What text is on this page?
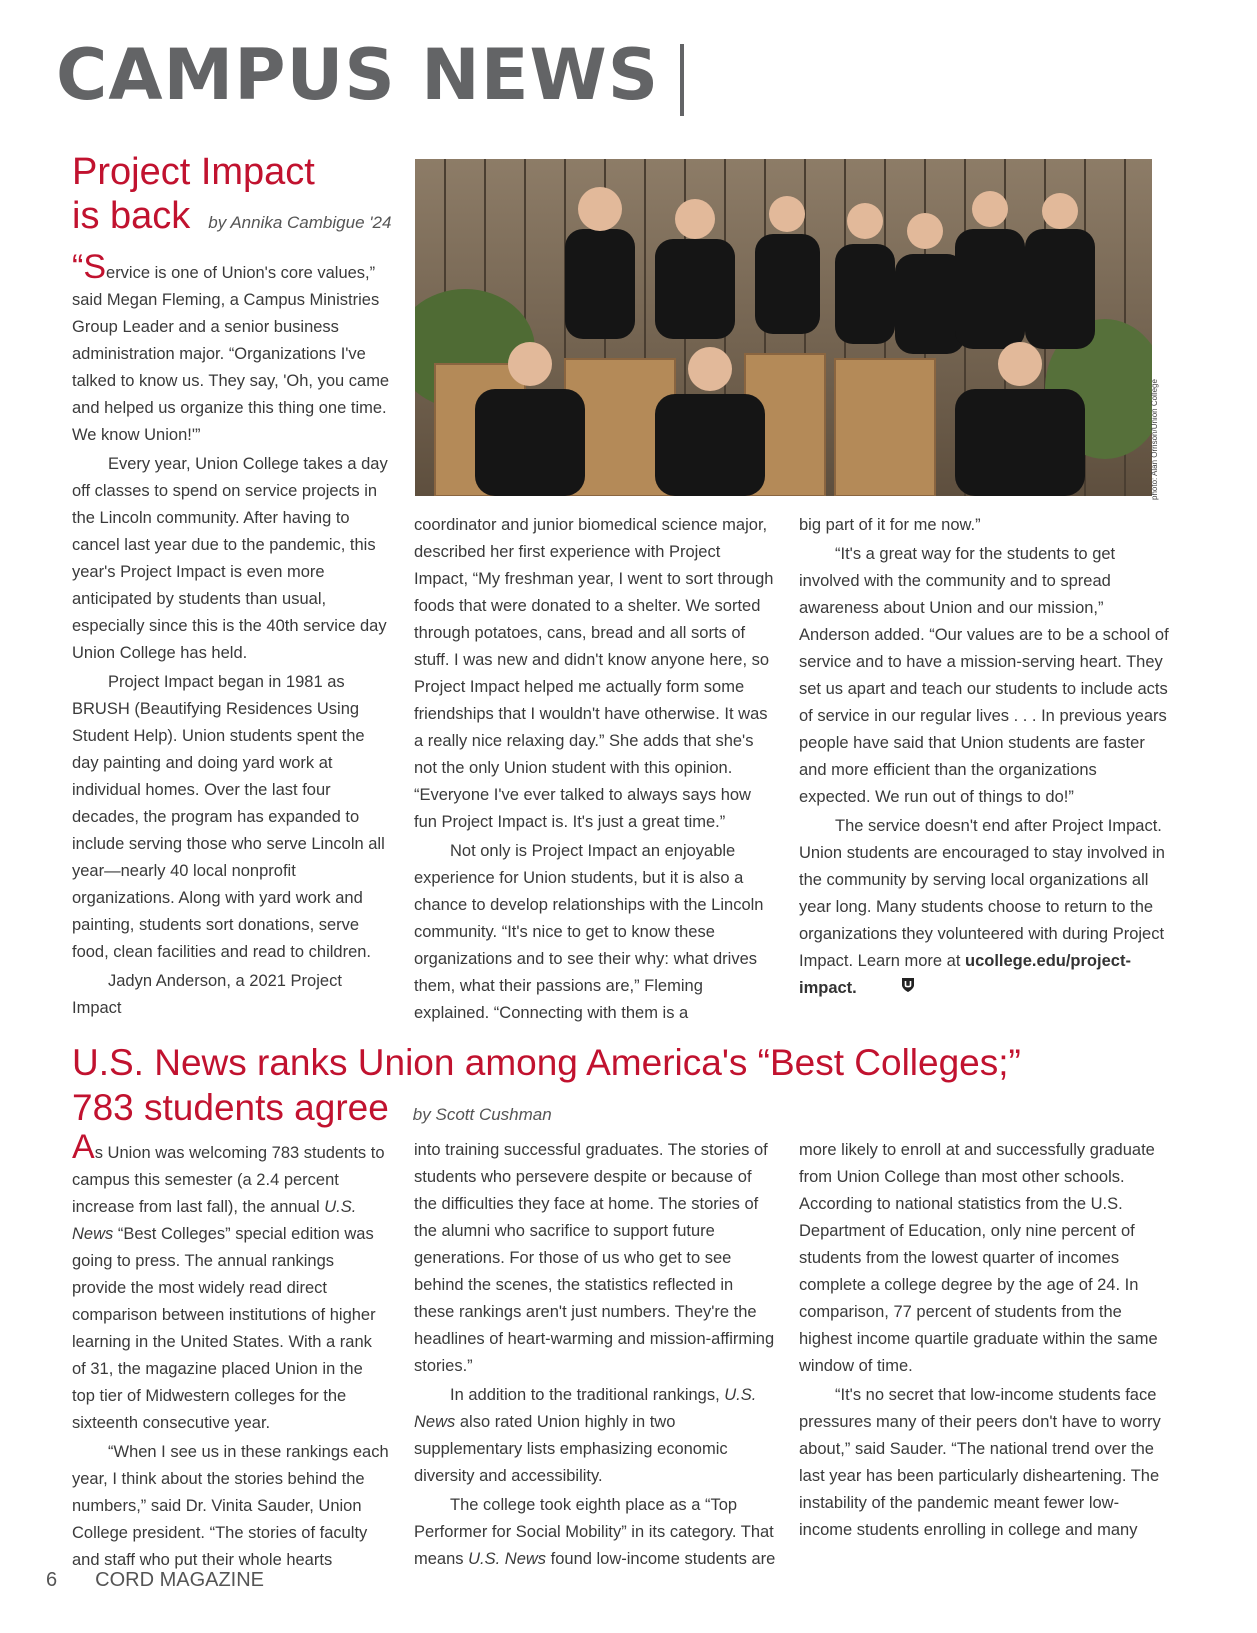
CAMPUS NEWS
Project Impact
is back by Annika Cambigue '24
photo: Alan Orrison/Union College

“Service is one of Union's core values,” said Megan Fleming, a Campus Ministries Group Leader and a senior business administration major. “Organizations I've talked to know us. They say, 'Oh, you came and helped us organize this thing one time. We know Union!'”

Every year, Union College takes a day off classes to spend on service projects in the Lincoln community. After having to cancel last year due to the pandemic, this year's Project Impact is even more anticipated by students than usual, especially since this is the 40th service day Union College has held.

Project Impact began in 1981 as BRUSH (Beautifying Residences Using Student Help). Union students spent the day painting and doing yard work at individual homes. Over the last four decades, the program has expanded to include serving those who serve Lincoln all year—nearly 40 local nonprofit organizations. Along with yard work and painting, students sort donations, serve food, clean facilities and read to children.

Jadyn Anderson, a 2021 Project Impact

coordinator and junior biomedical science major, described her first experience with Project Impact, “My freshman year, I went to sort through foods that were donated to a shelter. We sorted through potatoes, cans, bread and all sorts of stuff. I was new and didn't know anyone here, so Project Impact helped me actually form some friendships that I wouldn't have otherwise. It was a really nice relaxing day.” She adds that she's not the only Union student with this opinion. “Everyone I've ever talked to always says how fun Project Impact is. It's just a great time.”

Not only is Project Impact an enjoyable experience for Union students, but it is also a chance to develop relationships with the Lincoln community. “It's nice to get to know these organizations and to see their why: what drives them, what their passions are,” Fleming explained. “Connecting with them is a

big part of it for me now.”

“It's a great way for the students to get involved with the community and to spread awareness about Union and our mission,” Anderson added. “Our values are to be a school of service and to have a mission-serving heart. They set us apart and teach our students to include acts of service in our regular lives . . . In previous years people have said that Union students are faster and more efficient than the organizations expected. We run out of things to do!”

The service doesn't end after Project Impact. Union students are encouraged to stay involved in the community by serving local organizations all year long. Many students choose to return to the organizations they volunteered with during Project Impact. Learn more at ucollege.edu/project-impact.

U.S. News ranks Union among America's “Best Colleges;”
783 students agree by Scott Cushman

As Union was welcoming 783 students to campus this semester (a 2.4 percent increase from last fall), the annual U.S. News “Best Colleges” special edition was going to press. The annual rankings provide the most widely read direct comparison between institutions of higher learning in the United States. With a rank of 31, the magazine placed Union in the top tier of Midwestern colleges for the sixteenth consecutive year.

“When I see us in these rankings each year, I think about the stories behind the numbers,” said Dr. Vinita Sauder, Union College president. “The stories of faculty and staff who put their whole hearts

into training successful graduates. The stories of students who persevere despite or because of the difficulties they face at home. The stories of the alumni who sacrifice to support future generations. For those of us who get to see behind the scenes, the statistics reflected in these rankings aren't just numbers. They're the headlines of heart-warming and mission-affirming stories.”

In addition to the traditional rankings, U.S. News also rated Union highly in two supplementary lists emphasizing economic diversity and accessibility.

The college took eighth place as a “Top Performer for Social Mobility” in its category. That means U.S. News found low-income students are

more likely to enroll at and successfully graduate from Union College than most other schools. According to national statistics from the U.S. Department of Education, only nine percent of students from the lowest quarter of incomes complete a college degree by the age of 24. In comparison, 77 percent of students from the highest income quartile graduate within the same window of time.

“It's no secret that low-income students face pressures many of their peers don't have to worry about,” said Sauder. “The national trend over the last year has been particularly disheartening. The instability of the pandemic meant fewer low-income students enrolling in college and many

6 CORD MAGAZINE
